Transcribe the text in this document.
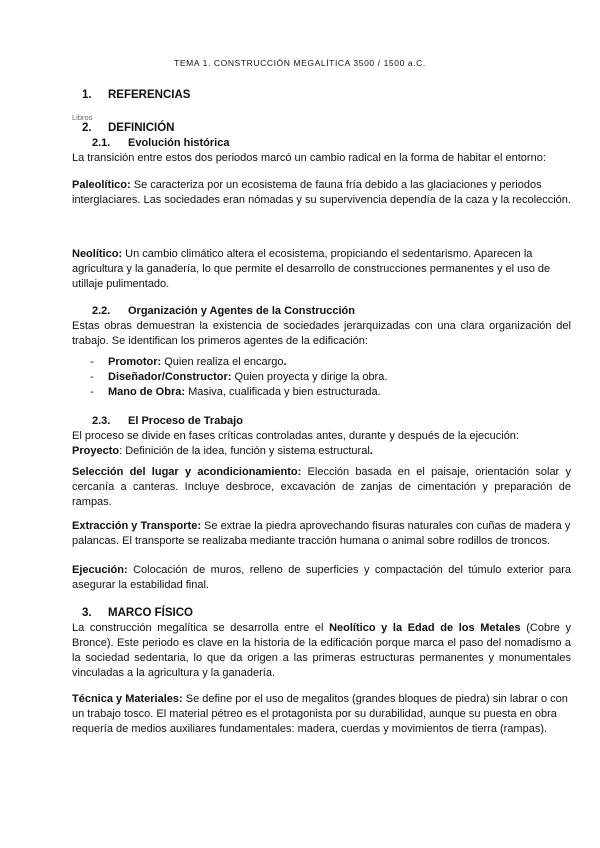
TEMA 1. CONSTRUCCIÓN MEGALÍTICA 3500 / 1500 a.C.
1. REFERENCIAS
Libros
2. DEFINICIÓN
2.1. Evolución histórica

La transición entre estos dos periodos marcó un cambio radical en la forma de habitar el entorno:

Paleolítico: Se caracteriza por un ecosistema de fauna fría debido a las glaciaciones y periodos interglaciares. Las sociedades eran nómadas y su supervivencia dependía de la caza y la recolección.

Neolítico: Un cambio climático altera el ecosistema, propiciando el sedentarismo. Aparecen la agricultura y la ganadería, lo que permite el desarrollo de construcciones permanentes y el uso de utillaje pulimentado.

2.2. Organización y Agentes de la Construcción

Estas obras demuestran la existencia de sociedades jerarquizadas con una clara organización del trabajo. Se identifican los primeros agentes de la edificación:

- Promotor: Quien realiza el encargo.
- Diseñador/Constructor: Quien proyecta y dirige la obra.
- Mano de Obra: Masiva, cualificada y bien estructurada.
2.3. El Proceso de Trabajo

El proceso se divide en fases críticas controladas antes, durante y después de la ejecución:

Proyecto: Definición de la idea, función y sistema estructural.

Selección del lugar y acondicionamiento: Elección basada en el paisaje, orientación solar y cercanía a canteras. Incluye desbroce, excavación de zanjas de cimentación y preparación de rampas.

Extracción y Transporte: Se extrae la piedra aprovechando fisuras naturales con cuñas de madera y palancas. El transporte se realizaba mediante tracción humana o animal sobre rodillos de troncos.

Ejecución: Colocación de muros, relleno de superficies y compactación del túmulo exterior para asegurar la estabilidad final.

3. MARCO FÍSICO

La construcción megalítica se desarrolla entre el Neolítico y la Edad de los Metales (Cobre y Bronce). Este periodo es clave en la historia de la edificación porque marca el paso del nomadismo a la sociedad sedentaria, lo que da origen a las primeras estructuras permanentes y monumentales vinculadas a la agricultura y la ganadería.

Técnica y Materiales: Se define por el uso de megalitos (grandes bloques de piedra) sin labrar o con un trabajo tosco. El material pétreo es el protagonista por su durabilidad, aunque su puesta en obra requería de medios auxiliares fundamentales: madera, cuerdas y movimientos de tierra (rampas).
